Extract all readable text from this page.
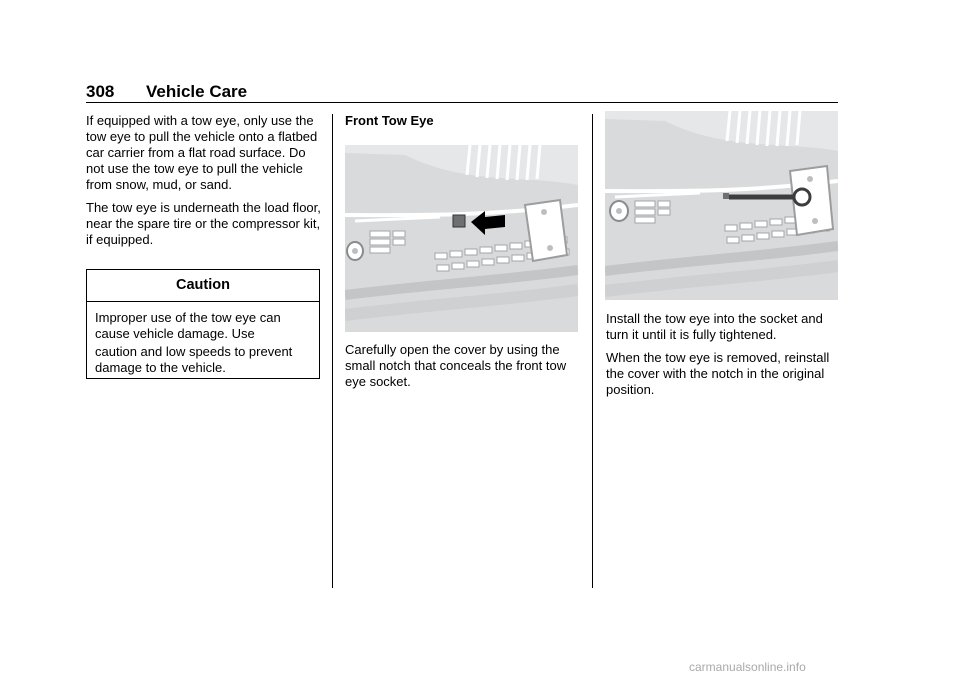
308 Vehicle Care

If equipped with a tow eye, only use the tow eye to pull the vehicle onto a flatbed car carrier from a flat road surface. Do not use the tow eye to pull the vehicle from snow, mud, or sand.

The tow eye is underneath the load floor, near the spare tire or the compressor kit, if equipped.

Caution

Improper use of the tow eye can cause vehicle damage. Use

caution and low speeds to prevent damage to the vehicle.

Front Tow Eye

Carefully open the cover by using the small notch that conceals the front tow eye socket.

Install the tow eye into the socket and turn it until it is fully tightened.

When the tow eye is removed, reinstall the cover with the notch in the original position.

carmanualsonline.info
